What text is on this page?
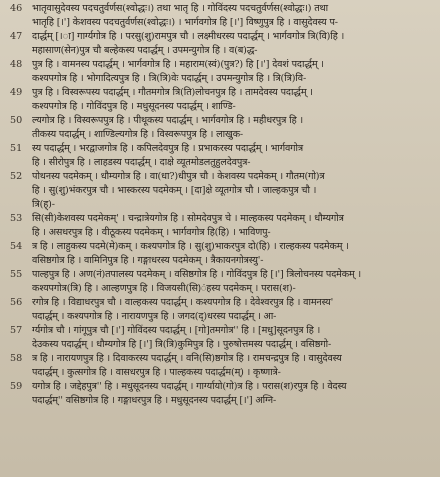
46	भातृवासुदेवस्य पदचतुर्वर्णस(श्वोद्धः।) तथा भातृ हि । गोविंदस्य पदचतुर्वर्णस(श्वोद्धः।) तथा
भातृहि [।'] केशवस्य पदचतुर्वर्णस(श्वोद्धः।) । भार्गवगोत्र हि [।'] विष्णुपुत्र हि । वासुदेवस्य प-
47	दार्द्धम् [।ा] गार्ग्यगोत्र हि । परसु(शु)रामपुत्र चौ । लक्ष्मीधरस्य पदार्द्धम् । भार्गवगोत्र त्रि(वि)हि ।
महासाण(सेन)पुत्र चौ बल्हेकस्य पदार्द्धम् । उपमन्युगोत्र हि । व(ब)द्ध-
48	पुत्र हि । वामनस्य पदार्द्धम् । भार्गवगोत्र हि । महाराम(स्वं)(पुत्र?) हि [।'] देवशं पदार्द्धम् ।
कश्यपगोत्र हि । भोगादित्यपुत्र हि । त्रि(त्रि)वेः पदार्द्धम् । उपमन्युगोत्र हि । त्रि(त्रि)वि-
49	पुत्र हि । विस्वरूपस्य पदार्द्धम् । गौतमगोत्र त्रि(ति)लोचनपुत्र हि । तामदेवस्य पदार्द्धम् ।
कश्यपगोत्र हि । गोविंदपुत्र हि । मधुसूदनस्य पदार्द्धम् । शाण्डि-
50	ल्यगोत्र हि । विस्वरूपपुत्र हि । पीथूकस्य पदार्द्धम् । भार्गवगोत्र हि । महीधरपुत्र हि ।
तीकस्य पदार्द्धम् । शाण्डिल्यगोत्र हि । विस्वरूपपुत्र हि । लाखुक-
51	स्य पदार्द्धम् । भरद्वाजगोत्र हि । कपिलदेवपुत्र हि । प्रभाकरस्य पदार्द्धम् । भार्गवगोत्र
हि । सीरोपुत्र हि । लाहडस्य पदार्द्धम् । दाक्षे व्यूतमोडलतुहुलदेवपुत्र-
52	पोथनस्य पदमेकम् । धौम्यगोत्र हि । वा(धा?)धीपुत्र चौ । केशवस्य पदमेकम् । गौतम(गो)त्र
हि । सु(शु)भंकरपुत्र चौ । भास्करस्य पदमेकम् । [दा]क्षे व्यूतगोत्र चौ । जाल्हकपुत्र चौ ।
त्रि(ह्)-
53	सि(सी)केशवस्य पदमेकम्' । चन्द्रात्रेयगोत्र हि । सोमदेवपुत्र चे । माल्हकस्य पदमेकम् । धौम्यगोत्र
हि । असधरपुत्र हि । वीठूकस्य पदमेकम् । भार्गवगोत्र हि(हि) । भाविणपु-
54	त्र हि । लाहुकस्य पदमे(मे)कम् । कश्यपगोत्र हि । सु(शु)भाकरपुत्र दो(हि) । राल्हकस्य पदमेकम् ।
वसिष्ठगोत्र हि । वामिनिपुत्र हि । गङ्गाधरस्य पदमेकम् । त्रैकायनगोत्रस्यु'-
55	पाल्हपुत्र हि । अण(नं)तपालस्य पदमेकम् । वसिष्ठगोत्र हि । गोविंदपुत्र हि [।'] त्रिलोचनस्य पदमेकम् ।
कश्यपगोत्र(त्रि) हि । आल्हणपुत्र हि । विजयसी(सि)ंहस्य पदमेकम् । परास(श)-
56	रगोत्र हि । विद्याधरपुत्र चौ । वाल्हकस्य पदार्द्धम् । कश्यपगोत्र हि । देवेश्वरपुत्र हि । वामनस्य'
पदार्द्धम् । कश्यपगोत्र हि । नारायणपुत्र हि । जगद(द्)धरस्य पदार्द्धम् । आ-
57	र्ग्यगोत्र चौ । गांगूपुत्र चौ [।'] गोविंदस्य पदार्द्धम् । [गो]तमगोत्र'' हि । [मधु]सूदनपुत्र हि ।
देउकस्य पदार्द्धम् । धौम्यगोत्र हि [।'] त्रि(त्रि)कुमिपुत्र हि । पुरुषोत्तमस्य पदार्द्धम् । वसिष्ठगो-
58	त्र हि । नारायणपुत्र हि । दिवाकरस्य पदार्द्धम् । वनि(सि)ष्ठगोत्र हि । रामचन्द्रपुत्र हि । वासुदेवस्य
पदार्द्धम् । कुत्सगोत्र हि । वासधरपुत्र हि । पाल्हकस्य पदार्द्धम(म्) । कृष्णात्रे-
59	यगोत्र हि । जद्देहपुत्र'' हि । मधुसूदनस्य पदार्द्धम् । गार्ग्यायो(गो)त्र हि । परास(श)रपुत्र हि । वेदस्य
पदार्द्धम्'' वसिष्ठगोत्र हि । गङ्गाधरपुत्र हि । मधुसूदनस्य पदार्द्धम् [।'] अग्नि-
